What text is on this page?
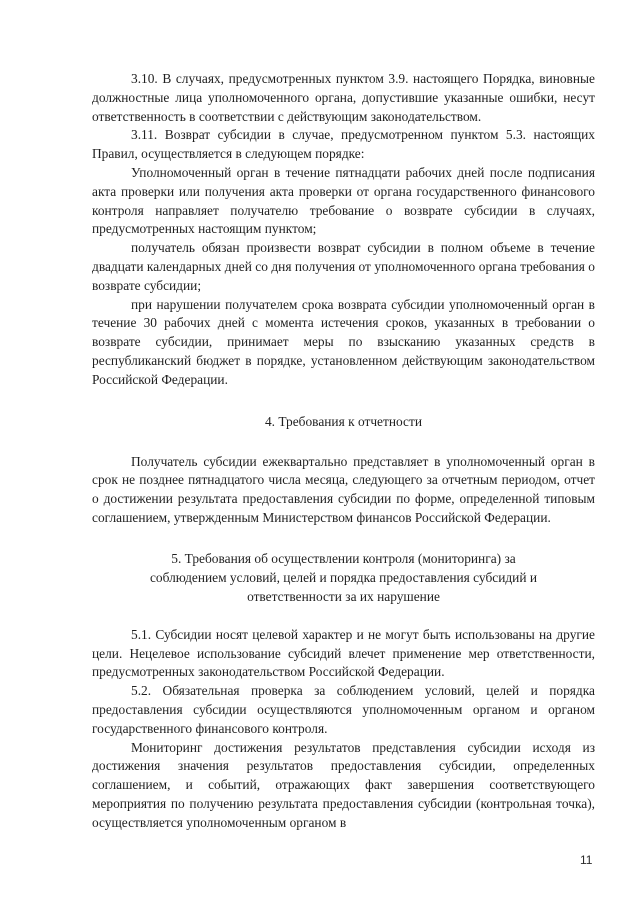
3.10. В случаях, предусмотренных пунктом 3.9. настоящего Порядка, виновные должностные лица уполномоченного органа, допустившие указанные ошибки, несут ответственность в соответствии с действующим законодательством.

3.11. Возврат субсидии в случае, предусмотренном пунктом 5.3. настоящих Правил, осуществляется в следующем порядке:

Уполномоченный орган в течение пятнадцати рабочих дней после подписания акта проверки или получения акта проверки от органа государственного финансового контроля направляет получателю требование о возврате субсидии в случаях, предусмотренных настоящим пунктом;

получатель обязан произвести возврат субсидии в полном объеме в течение двадцати календарных дней со дня получения от уполномоченного органа требования о возврате субсидии;

при нарушении получателем срока возврата субсидии уполномоченный орган в течение 30 рабочих дней с момента истечения сроков, указанных в требовании о возврате субсидии, принимает меры по взысканию указанных средств в республиканский бюджет в порядке, установленном действующим законодательством Российской Федерации.

4. Требования к отчетности

Получатель субсидии ежеквартально представляет в уполномоченный орган в срок не позднее пятнадцатого числа месяца, следующего за отчетным периодом, отчет о достижении результата предоставления субсидии по форме, определенной типовым соглашением, утвержденным Министерством финансов Российской Федерации.

5. Требования об осуществлении контроля (мониторинга) за
соблюдением условий, целей и порядка предоставления субсидий и
ответственности за их нарушение

5.1. Субсидии носят целевой характер и не могут быть использованы на другие цели. Нецелевое использование субсидий влечет применение мер ответственности, предусмотренных законодательством Российской Федерации.

5.2. Обязательная проверка за соблюдением условий, целей и порядка предоставления субсидии осуществляются уполномоченным органом и органом государственного финансового контроля.

Мониторинг достижения результатов представления субсидии исходя из достижения значения результатов предоставления субсидии, определенных соглашением, и событий, отражающих факт завершения соответствующего мероприятия по получению результата предоставления субсидии (контрольная точка), осуществляется уполномоченным органом в

11
